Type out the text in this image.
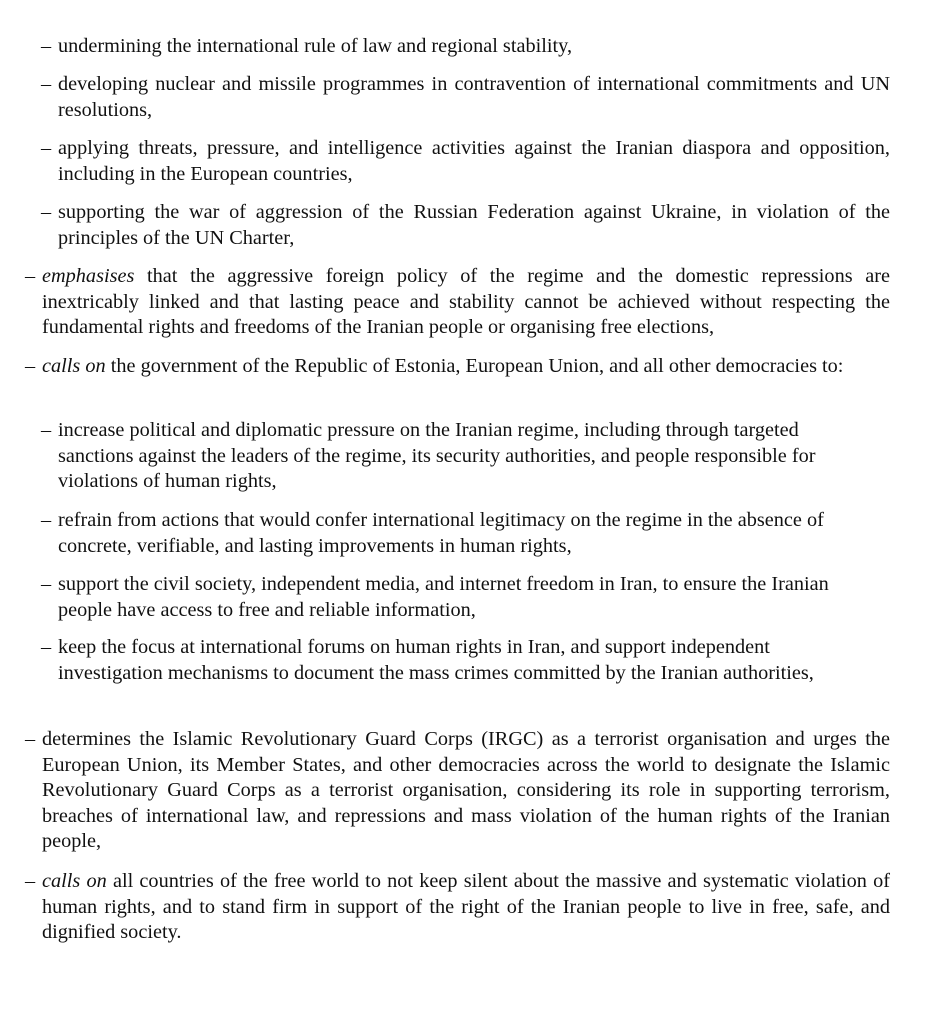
– undermining the international rule of law and regional stability,
– developing nuclear and missile programmes in contravention of international commitments and UN resolutions,
– applying threats, pressure, and intelligence activities against the Iranian diaspora and opposition, including in the European countries,
– supporting the war of aggression of the Russian Federation against Ukraine, in violation of the principles of the UN Charter,
– emphasises that the aggressive foreign policy of the regime and the domestic repressions are inextricably linked and that lasting peace and stability cannot be achieved without respecting the fundamental rights and freedoms of the Iranian people or organising free elections,
– calls on the government of the Republic of Estonia, European Union, and all other democracies to:
– increase political and diplomatic pressure on the Iranian regime, including through targeted sanctions against the leaders of the regime, its security authorities, and people responsible for violations of human rights,
– refrain from actions that would confer international legitimacy on the regime in the absence of concrete, verifiable, and lasting improvements in human rights,
– support the civil society, independent media, and internet freedom in Iran, to ensure the Iranian people have access to free and reliable information,
– keep the focus at international forums on human rights in Iran, and support independent investigation mechanisms to document the mass crimes committed by the Iranian authorities,
– determines the Islamic Revolutionary Guard Corps (IRGC) as a terrorist organisation and urges the European Union, its Member States, and other democracies across the world to designate the Islamic Revolutionary Guard Corps as a terrorist organisation, considering its role in supporting terrorism, breaches of international law, and repressions and mass violation of the human rights of the Iranian people,
– calls on all countries of the free world to not keep silent about the massive and systematic violation of human rights, and to stand firm in support of the right of the Iranian people to live in free, safe, and dignified society.
